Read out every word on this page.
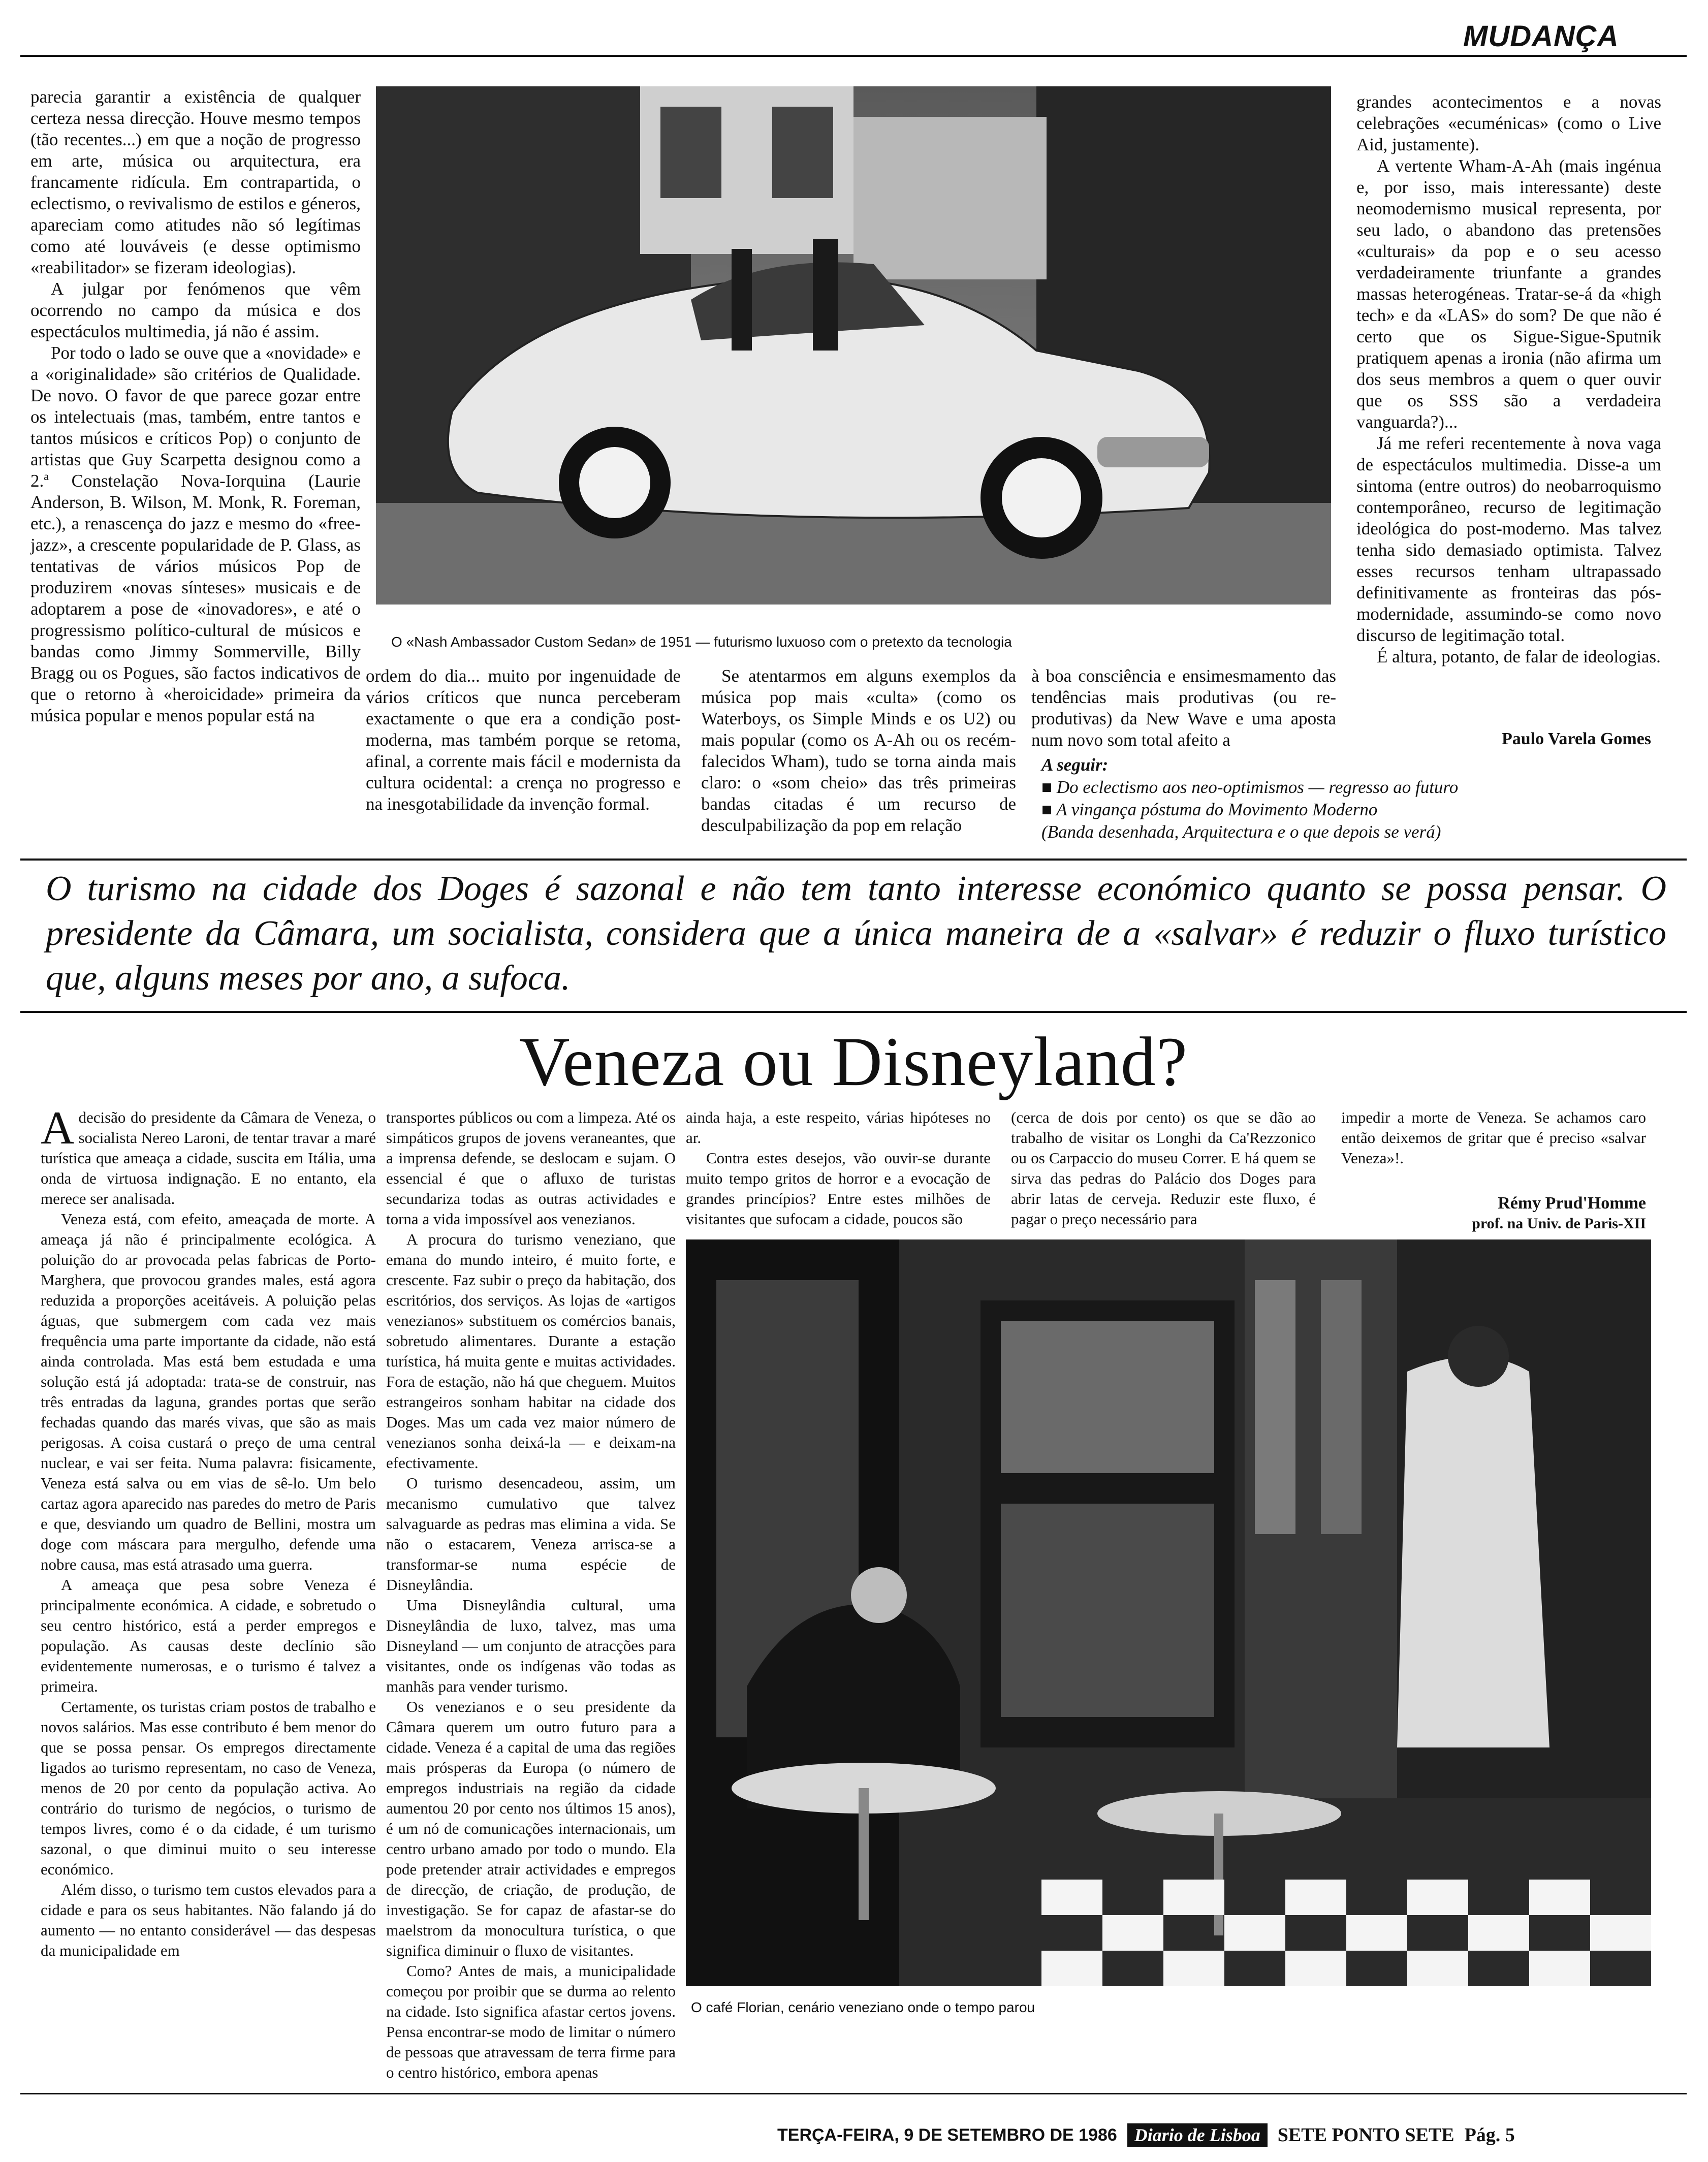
MUDANÇA

parecia garantir a existência de qualquer certeza nessa direcção. Houve mesmo tempos (tão recentes...) em que a noção de progresso em arte, música ou arquitectura, era francamente ridícula. Em contrapartida, o eclectismo, o revivalismo de estilos e géneros, apareciam como atitudes não só legítimas como até louváveis (e desse optimismo «reabilitador» se fizeram ideologias).

A julgar por fenómenos que vêm ocorrendo no campo da música e dos espectáculos multimedia, já não é assim.

Por todo o lado se ouve que a «novidade» e a «originalidade» são critérios de Qualidade. De novo. O favor de que parece gozar entre os intelectuais (mas, também, entre tantos e tantos músicos e críticos Pop) o conjunto de artistas que Guy Scarpetta designou como a 2.ª Constelação Nova-Iorquina (Laurie Anderson, B. Wilson, M. Monk, R. Foreman, etc.), a renascença do jazz e mesmo do «free-jazz», a crescente popularidade de P. Glass, as tentativas de vários músicos Pop de produzirem «novas sínteses» musicais e de adoptarem a pose de «inovadores», e até o progressismo político-cultural de músicos e bandas como Jimmy Sommerville, Billy Bragg ou os Pogues, são factos indicativos de que o retorno à «heroicidade» primeira da música popular e menos popular está na

O «Nash Ambassador Custom Sedan» de 1951 — futurismo luxuoso com o pretexto da tecnologia

ordem do dia... muito por ingenuidade de vários críticos que nunca perceberam exactamente o que era a condição post-moderna, mas também porque se retoma, afinal, a corrente mais fácil e modernista da cultura ocidental: a crença no progresso e na inesgotabilidade da invenção formal.

Se atentarmos em alguns exemplos da música pop mais «culta» (como os Waterboys, os Simple Minds e os U2) ou mais popular (como os A-Ah ou os recém-falecidos Wham), tudo se torna ainda mais claro: o «som cheio» das três primeiras bandas citadas é um recurso de desculpabilização da pop em relação

à boa consciência e ensimesmamento das tendências mais produtivas (ou re-produtivas) da New Wave e uma aposta num novo som total afeito a

grandes acontecimentos e a novas celebrações «ecuménicas» (como o Live Aid, justamente).

A vertente Wham-A-Ah (mais ingénua e, por isso, mais interessante) deste neomodernismo musical representa, por seu lado, o abandono das pretensões «culturais» da pop e o seu acesso verdadeiramente triunfante a grandes massas heterogéneas. Tratar-se-á da «high tech» e da «LAS» do som? De que não é certo que os Sigue-Sigue-Sputnik pratiquem apenas a ironia (não afirma um dos seus membros a quem o quer ouvir que os SSS são a verdadeira vanguarda?)...

Já me referi recentemente à nova vaga de espectáculos multimedia. Disse-a um sintoma (entre outros) do neobarroquismo contemporâneo, recurso de legitimação ideológica do post-moderno. Mas talvez tenha sido demasiado optimista. Talvez esses recursos tenham ultrapassado definitivamente as fronteiras das pós-modernidade, assumindo-se como novo discurso de legitimação total.

É altura, potanto, de falar de ideologias.

Paulo Varela Gomes
A seguir:
■ Do eclectismo aos neo-optimismos — regresso ao futuro
■ A vingança póstuma do Movimento Moderno
(Banda desenhada, Arquitectura e o que depois se verá)
O turismo na cidade dos Doges é sazonal e não tem tanto interesse económico quanto se possa pensar. O presidente da Câmara, um socialista, considera que a única maneira de a «salvar» é reduzir o fluxo turístico que, alguns meses por ano, a sufoca.
Veneza ou Disneyland?

Adecisão do presidente da Câmara de Veneza, o socialista Nereo Laroni, de tentar travar a maré turística que ameaça a cidade, suscita em Itália, uma onda de virtuosa indignação. E no entanto, ela merece ser analisada.

Veneza está, com efeito, ameaçada de morte. A ameaça já não é principalmente ecológica. A poluição do ar provocada pelas fabricas de Porto-Marghera, que provocou grandes males, está agora reduzida a proporções aceitáveis. A poluição pelas águas, que submergem com cada vez mais frequência uma parte importante da cidade, não está ainda controlada. Mas está bem estudada e uma solução está já adoptada: trata-se de construir, nas três entradas da laguna, grandes portas que serão fechadas quando das marés vivas, que são as mais perigosas. A coisa custará o preço de uma central nuclear, e vai ser feita. Numa palavra: fisicamente, Veneza está salva ou em vias de sê-lo. Um belo cartaz agora aparecido nas paredes do metro de Paris e que, desviando um quadro de Bellini, mostra um doge com máscara para mergulho, defende uma nobre causa, mas está atrasado uma guerra.

A ameaça que pesa sobre Veneza é principalmente económica. A cidade, e sobretudo o seu centro histórico, está a perder empregos e população. As causas deste declínio são evidentemente numerosas, e o turismo é talvez a primeira.

Certamente, os turistas criam postos de trabalho e novos salários. Mas esse contributo é bem menor do que se possa pensar. Os empregos directamente ligados ao turismo representam, no caso de Veneza, menos de 20 por cento da população activa. Ao contrário do turismo de negócios, o turismo de tempos livres, como é o da cidade, é um turismo sazonal, o que diminui muito o seu interesse económico.

Além disso, o turismo tem custos elevados para a cidade e para os seus habitantes. Não falando já do aumento — no entanto considerável — das despesas da municipalidade em

transportes públicos ou com a limpeza. Até os simpáticos grupos de jovens veraneantes, que a imprensa defende, se deslocam e sujam. O essencial é que o afluxo de turistas secundariza todas as outras actividades e torna a vida impossível aos venezianos.

A procura do turismo veneziano, que emana do mundo inteiro, é muito forte, e crescente. Faz subir o preço da habitação, dos escritórios, dos serviços. As lojas de «artigos venezianos» substituem os comércios banais, sobretudo alimentares. Durante a estação turística, há muita gente e muitas actividades. Fora de estação, não há que cheguem. Muitos estrangeiros sonham habitar na cidade dos Doges. Mas um cada vez maior número de venezianos sonha deixá-la — e deixam-na efectivamente.

O turismo desencadeou, assim, um mecanismo cumulativo que talvez salvaguarde as pedras mas elimina a vida. Se não o estacarem, Veneza arrisca-se a transformar-se numa espécie de Disneylândia.

Uma Disneylândia cultural, uma Disneylândia de luxo, talvez, mas uma Disneyland — um conjunto de atracções para visitantes, onde os indígenas vão todas as manhãs para vender turismo.

Os venezianos e o seu presidente da Câmara querem um outro futuro para a cidade. Veneza é a capital de uma das regiões mais prósperas da Europa (o número de empregos industriais na região da cidade aumentou 20 por cento nos últimos 15 anos), é um nó de comunicações internacionais, um centro urbano amado por todo o mundo. Ela pode pretender atrair actividades e empregos de direcção, de criação, de produção, de investigação. Se for capaz de afastar-se do maelstrom da monocultura turística, o que significa diminuir o fluxo de visitantes.

Como? Antes de mais, a municipalidade começou por proibir que se durma ao relento na cidade. Isto significa afastar certos jovens. Pensa encontrar-se modo de limitar o número de pessoas que atravessam de terra firme para o centro histórico, embora apenas

ainda haja, a este respeito, várias hipóteses no ar.

Contra estes desejos, vão ouvir-se durante muito tempo gritos de horror e a evocação de grandes princípios? Entre estes milhões de visitantes que sufocam a cidade, poucos são

(cerca de dois por cento) os que se dão ao trabalho de visitar os Longhi da Ca'Rezzonico ou os Carpaccio do museu Correr. E há quem se sirva das pedras do Palácio dos Doges para abrir latas de cerveja. Reduzir este fluxo, é pagar o preço necessário para

impedir a morte de Veneza. Se achamos caro então deixemos de gritar que é preciso «salvar Veneza»!.

Rémy Prud'Homme
prof. na Univ. de Paris-XII
O café Florian, cenário veneziano onde o tempo parou
TERÇA-FEIRA, 9 DE SETEMBRO DE 1986 Diario de Lisboa SETE PONTO SETE Pág. 5
